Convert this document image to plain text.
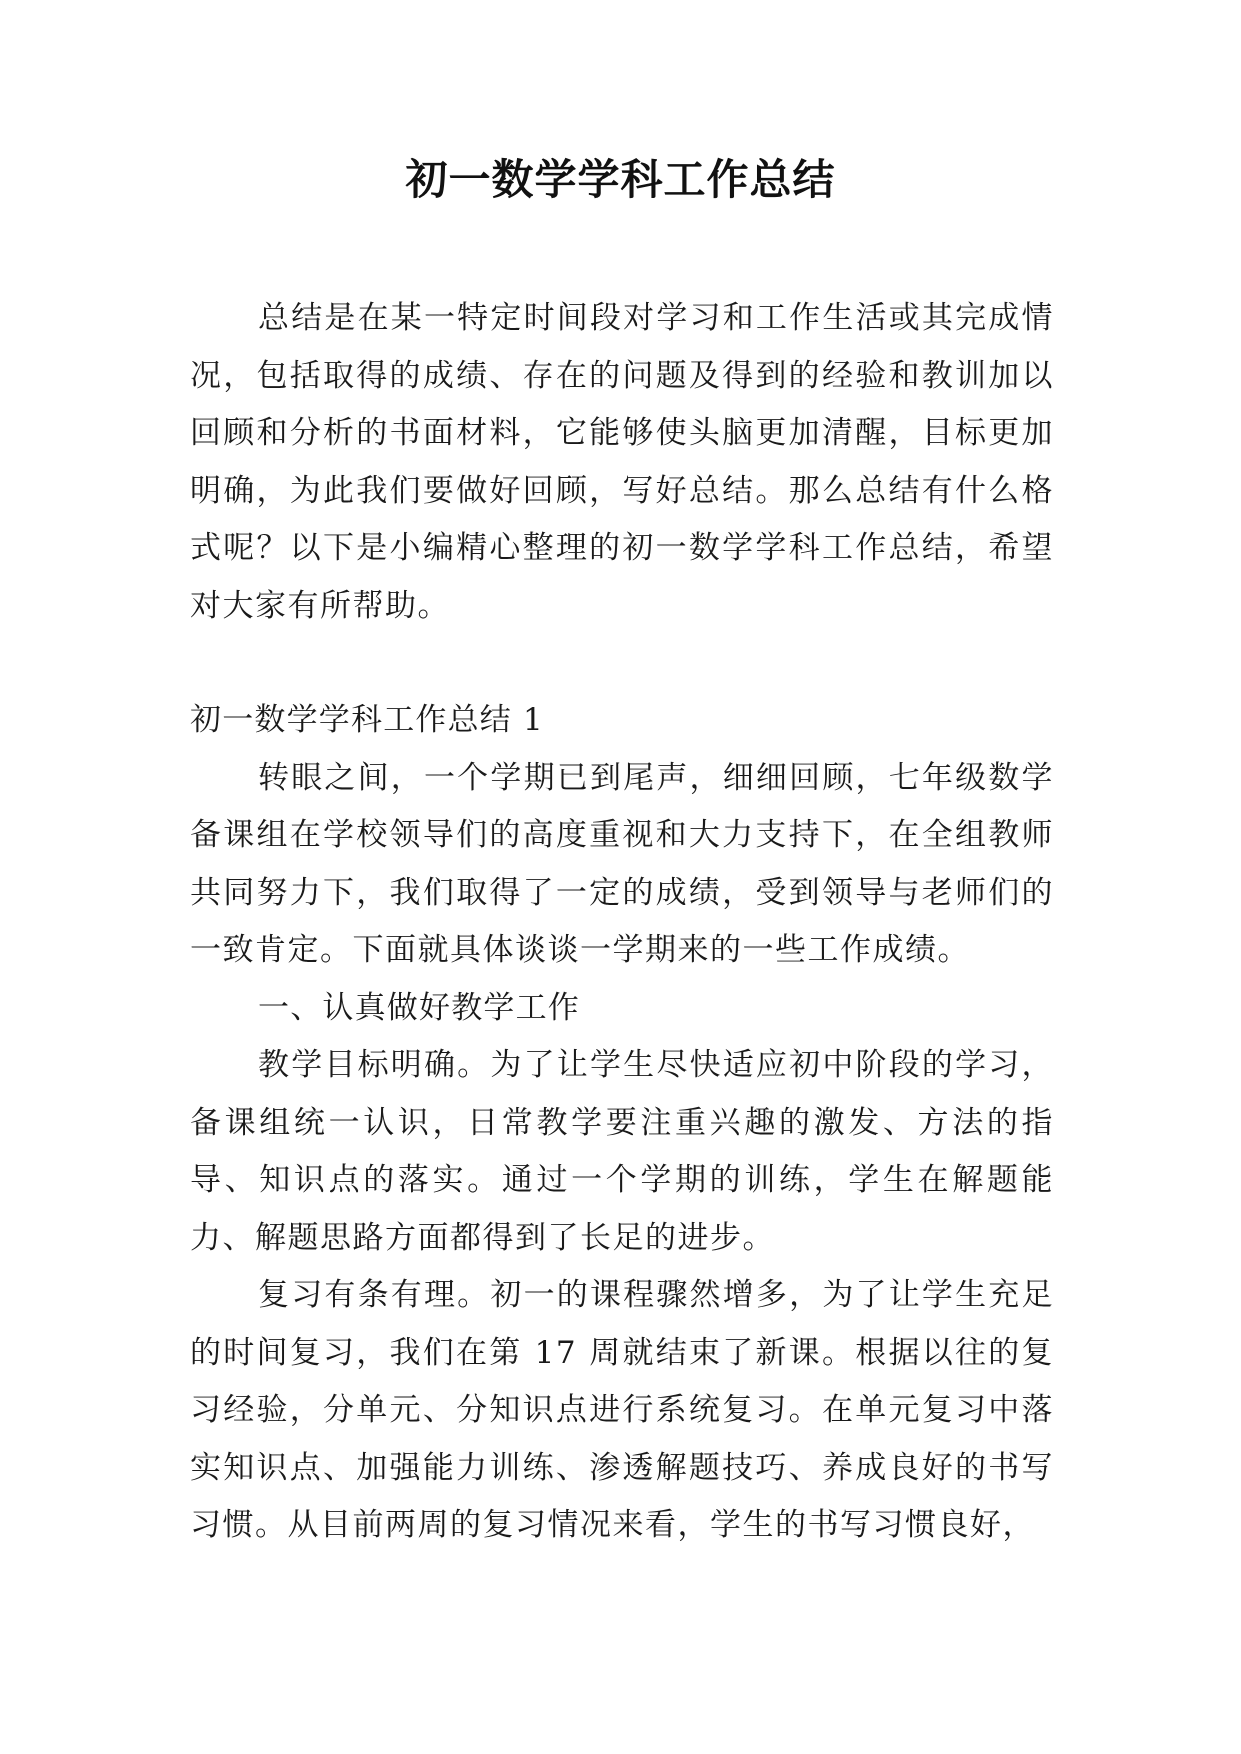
初一数学学科工作总结

总结是在某一特定时间段对学习和工作生活或其完成情况，包括取得的成绩、存在的问题及得到的经验和教训加以回顾和分析的书面材料，它能够使头脑更加清醒，目标更加明确，为此我们要做好回顾，写好总结。那么总结有什么格式呢？以下是小编精心整理的初一数学学科工作总结，希望对大家有所帮助。

初一数学学科工作总结 1

转眼之间，一个学期已到尾声，细细回顾，七年级数学备课组在学校领导们的高度重视和大力支持下，在全组教师共同努力下，我们取得了一定的成绩，受到领导与老师们的一致肯定。下面就具体谈谈一学期来的一些工作成绩。

一、认真做好教学工作

教学目标明确。为了让学生尽快适应初中阶段的学习，备课组统一认识，日常教学要注重兴趣的激发、方法的指导、知识点的落实。通过一个学期的训练，学生在解题能力、解题思路方面都得到了长足的进步。

复习有条有理。初一的课程骤然增多，为了让学生充足的时间复习，我们在第 17 周就结束了新课。根据以往的复习经验，分单元、分知识点进行系统复习。在单元复习中落实知识点、加强能力训练、渗透解题技巧、养成良好的书写习惯。从目前两周的复习情况来看，学生的书写习惯良好，
